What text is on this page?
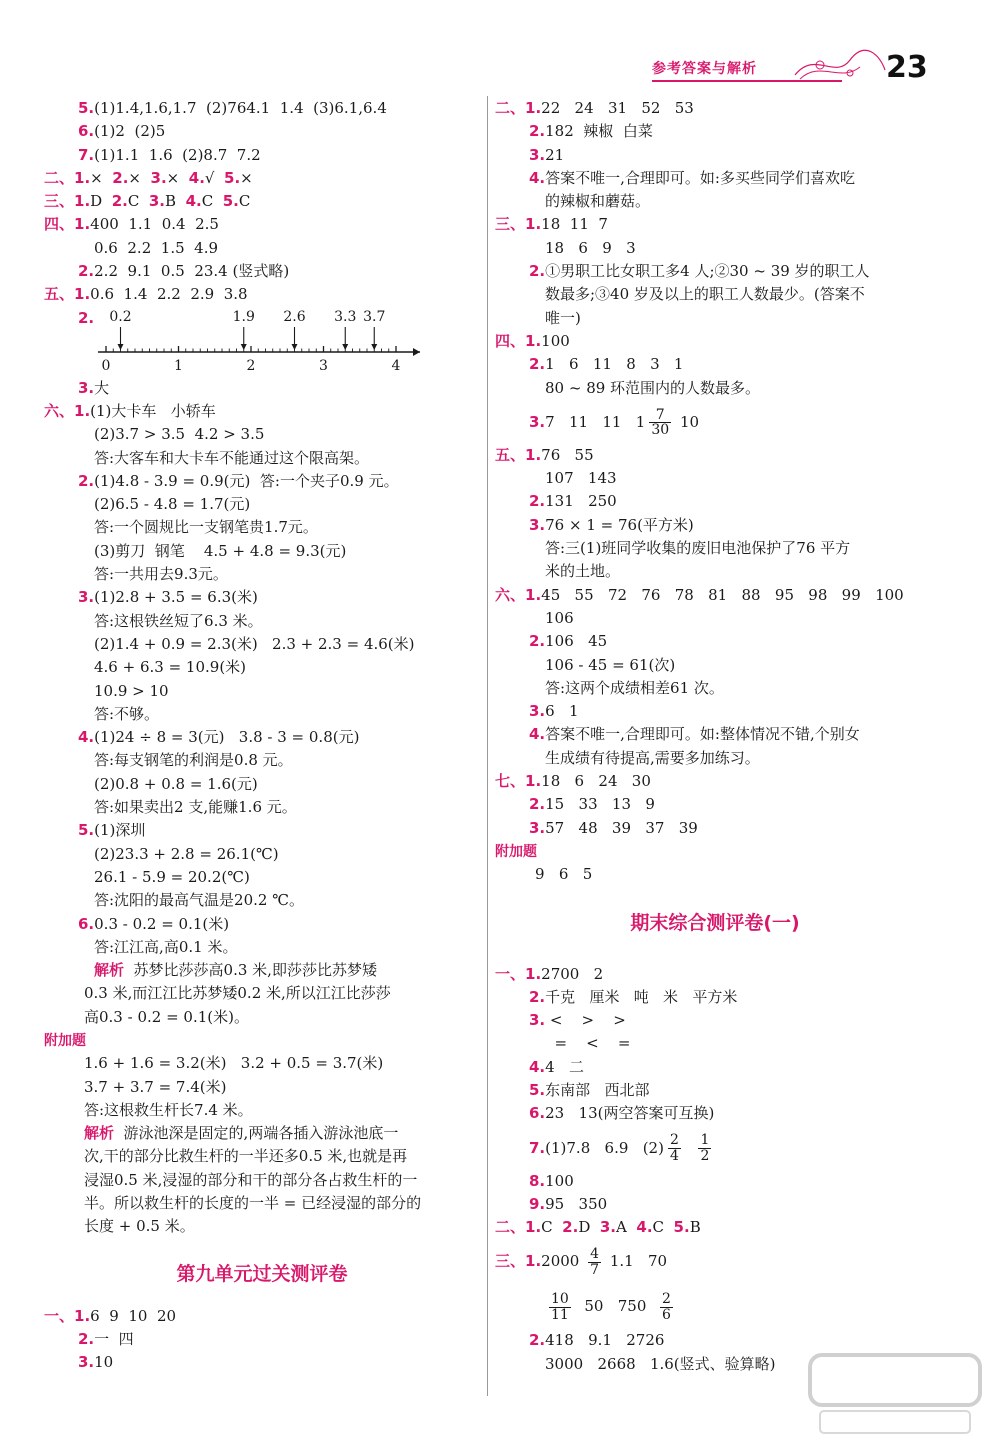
参考答案与解析	23
5.(1)1.4,1.6,1.7  (2)764.1  1.4  (3)6.1,6.4
6.(1)2  (2)5
7.(1)1.1  1.6  (2)8.7  7.2
二、1.×  2.×  3.×  4.√  5.×
三、1.D  2.C  3.B  4.C  5.C
四、1.400  1.1  0.4  2.5
0.6  2.2  1.5  4.9
2.2.2  9.1  0.5  23.4 (竖式略)
五、1.0.6  1.4  2.2  2.9  3.8
2.
0	1	2	3	4
0.2	1.9 2.6 3.3 3.7
3.大
六、1.(1)大卡车   小轿车
(2)3.7 > 3.5  4.2 > 3.5
答:大客车和大卡车不能通过这个限高架。
2.(1)4.8 - 3.9 = 0.9(元)  答:一个夹子0.9 元。
(2)6.5 - 4.8 = 1.7(元)
答:一个圆规比一支钢笔贵1.7元。
(3)剪刀  钢笔    4.5 + 4.8 = 9.3(元)
答:一共用去9.3元。
3.(1)2.8 + 3.5 = 6.3(米)
答:这根铁丝短了6.3 米。
(2)1.4 + 0.9 = 2.3(米)   2.3 + 2.3 = 4.6(米)
4.6 + 6.3 = 10.9(米)
10.9 > 10
答:不够。
4.(1)24 ÷ 8 = 3(元)   3.8 - 3 = 0.8(元)
答:每支钢笔的利润是0.8 元。
(2)0.8 + 0.8 = 1.6(元)
答:如果卖出2 支,能赚1.6 元。
5.(1)深圳
(2)23.3 + 2.8 = 26.1(℃)
26.1 - 5.9 = 20.2(℃)
答:沈阳的最高气温是20.2 ℃。
6.0.3 - 0.2 = 0.1(米)
答:江江高,高0.1 米。
解析  苏梦比莎莎高0.3 米,即莎莎比苏梦矮
0.3 米,而江江比苏梦矮0.2 米,所以江江比莎莎
高0.3 - 0.2 = 0.1(米)。
附加题
1.6 + 1.6 = 3.2(米)   3.2 + 0.5 = 3.7(米)
3.7 + 3.7 = 7.4(米)
答:这根救生杆长7.4 米。
解析  游泳池深是固定的,两端各插入游泳池底一
次,干的部分比救生杆的一半还多0.5 米,也就是再
浸湿0.5 米,浸湿的部分和干的部分各占救生杆的一
半。所以救生杆的长度的一半 = 已经浸湿的部分的
长度 + 0.5 米。
第九单元过关测评卷
一、1.6  9  10  20
2.一  四
3.10
二、1.22   24   31   52   53
2.182  辣椒  白菜
3.21
4.答案不唯一,合理即可。如:多买些同学们喜欢吃
的辣椒和蘑菇。
三、1.18  11  7
18   6   9   3
2.①男职工比女职工多4 人;②30 ~ 39 岁的职工人
数最多;③40 岁及以上的职工人数最少。(答案不
唯一)
四、1.100
2.1   6   11   8   3   1
80 ~ 89 环范围内的人数最多。
3.7   11   11   $1 \frac{7}{30} 10$
五、1.76   55
107   143
2.131   250
3.76 × 1 = 76(平方米)
答:三(1)班同学收集的废旧电池保护了76 平方
米的土地。
六、1.45   55   72   76   78   81   88   95   98   99   100
106
2.106   45
106 - 45 = 61(次)
答:这两个成绩相差61 次。
3.6   1
4.答案不唯一,合理即可。如:整体情况不错,个别女
生成绩有待提高,需要多加练习。
七、1.18   6   24   30
2.15   33   13   9
3.57   48   39   37   39
附加题
9   6   5
期末综合测评卷(一)
一、1.2700   2
2.千克   厘米   吨   米   平方米
3. <    >    >
=    <    =
4.4   二
5.东南部   西北部
6.23   13(两空答案可互换)
7.(1)7.8   6.9   $(2) \frac{2}{4}$
$\frac{1}{2}$
8.100
9.95   350
二、1.C  2.D  3.A  4.C  5.B
三、$1.2000 \frac{4}{7} 1.1$   70
$\frac{10}{11} 50$   $750 \frac{2}{6}$
2.418   9.1   2726
3000   2668   1.6(竖式、验算略)
